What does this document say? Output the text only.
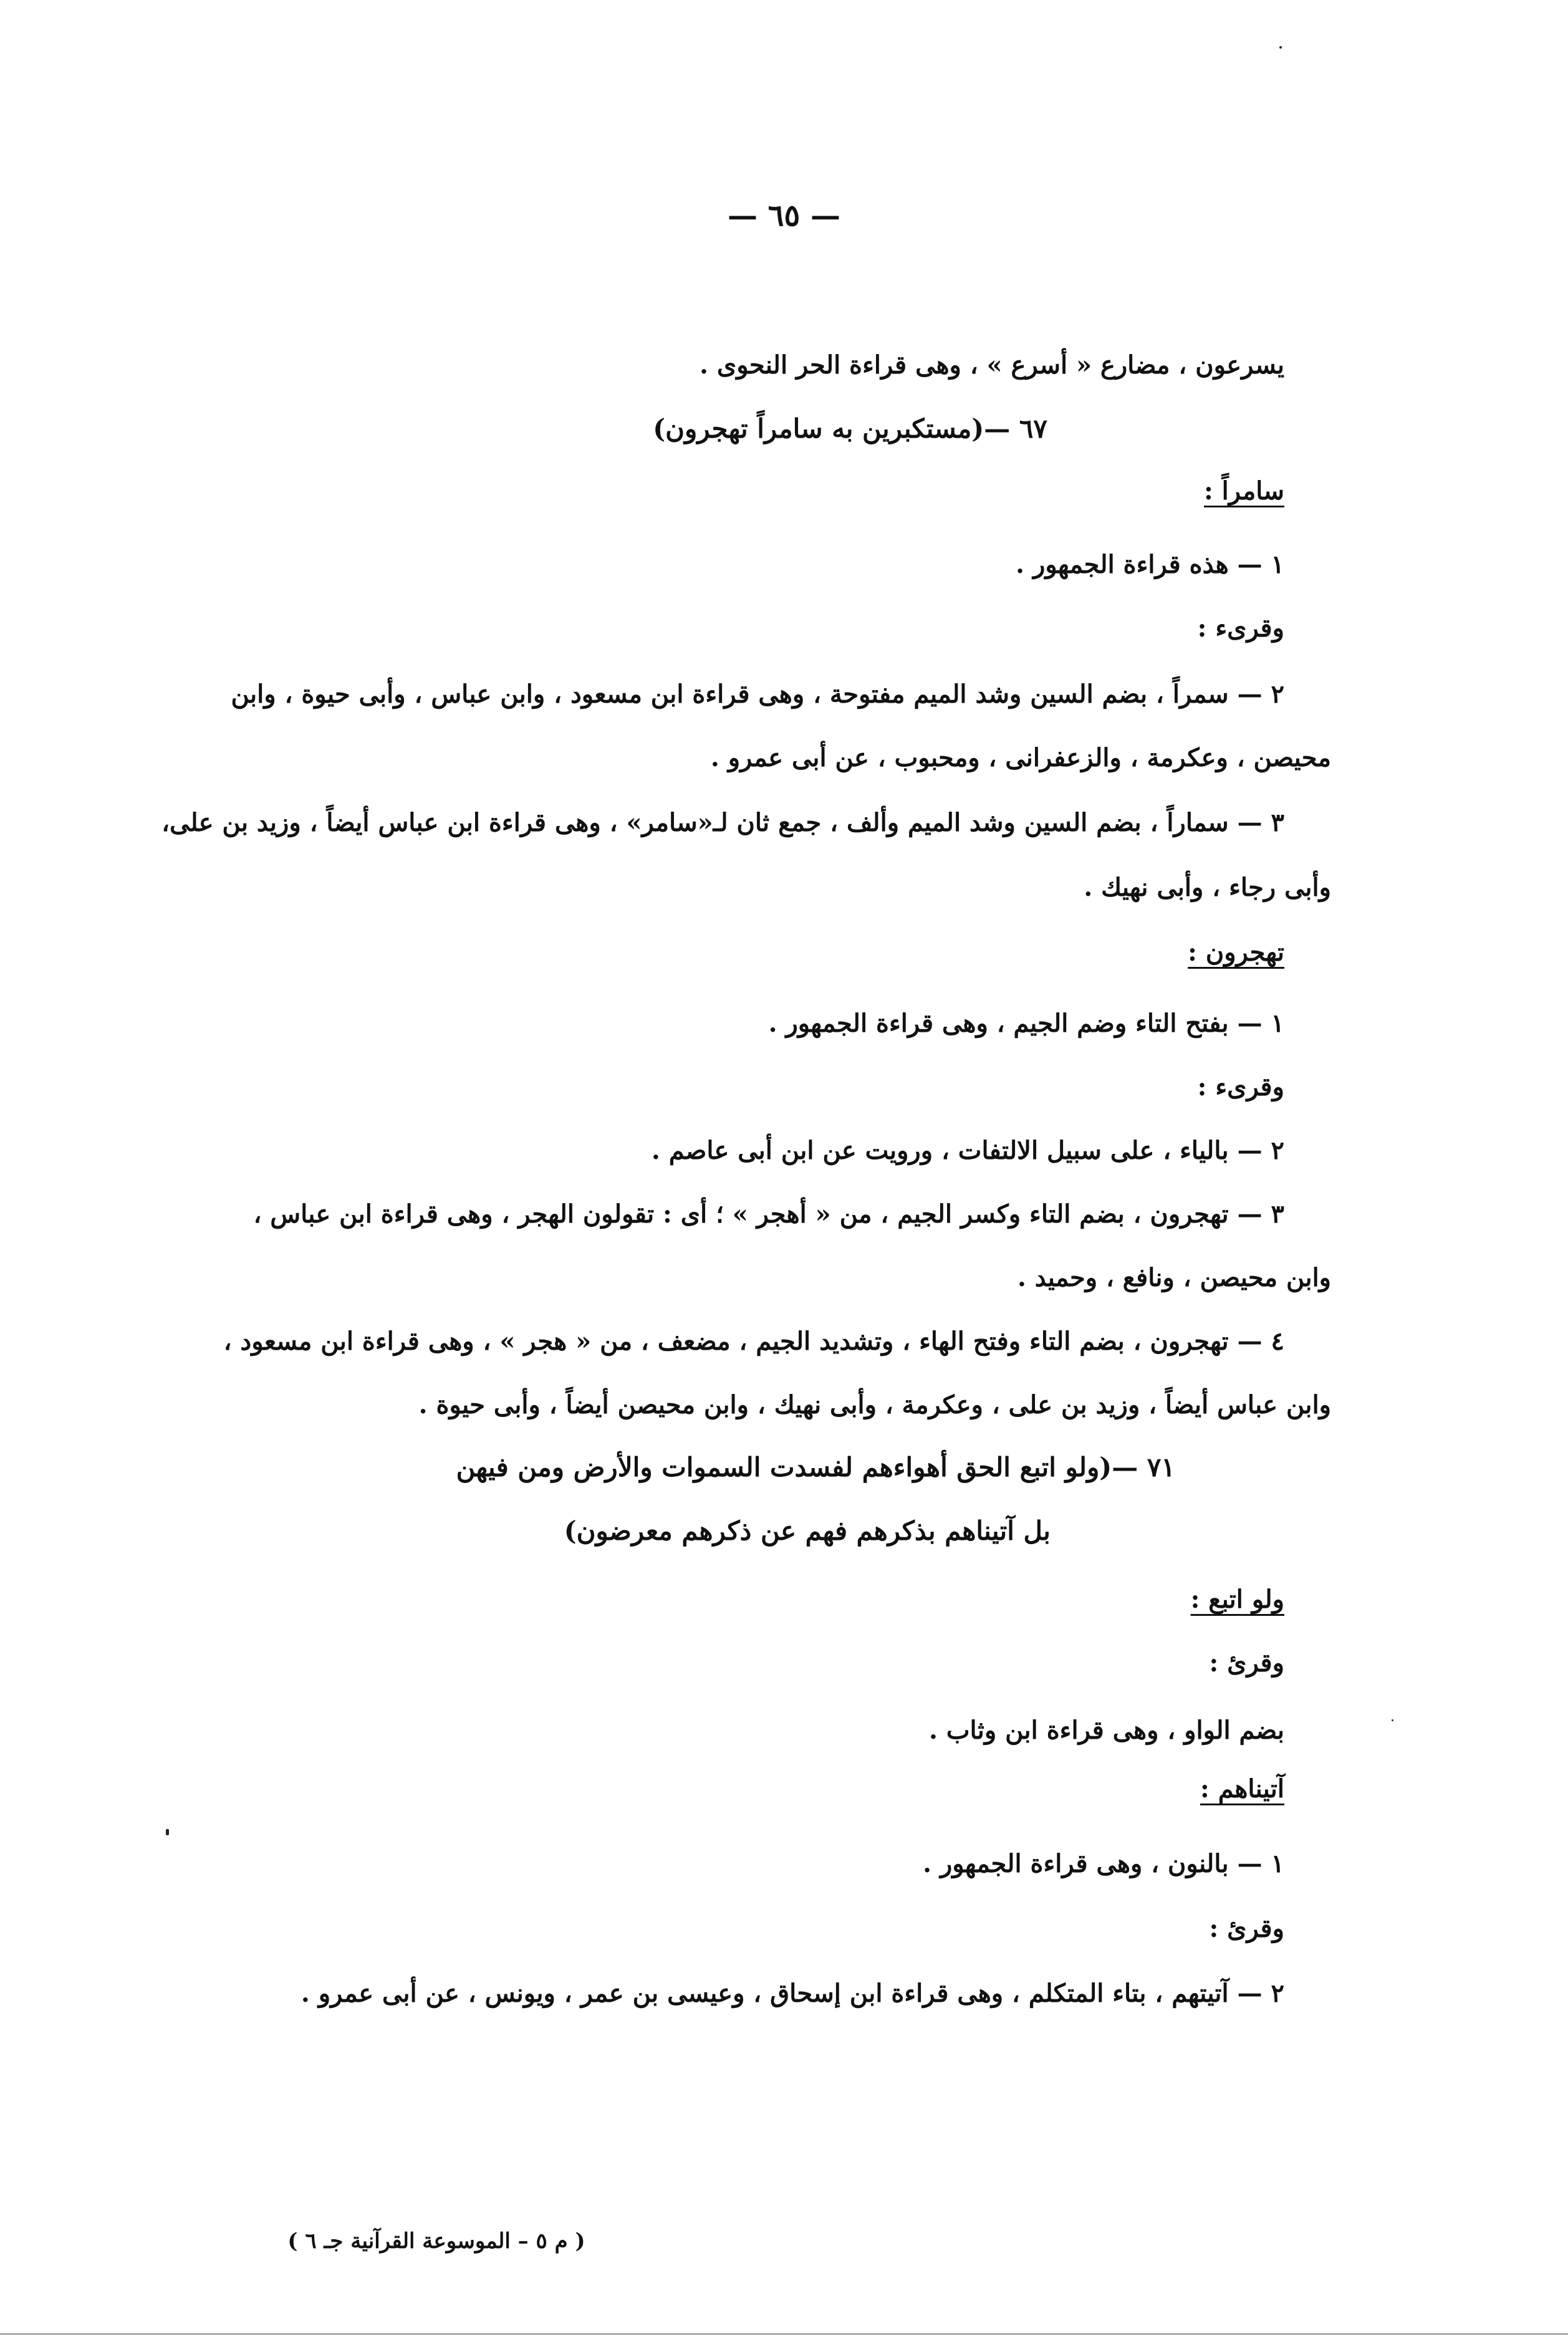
— ٦٥ —
يسرعون ، مضارع « أسرع » ، وهى قراءة الحر النحوى .
٦٧ —(مستكبرين به سامراً تهجرون)
سامراً :
١ — هذه قراءة الجمهور .
وقرىء :
٢ — سمراً ، بضم السين وشد الميم مفتوحة ، وهى قراءة ابن مسعود ، وابن عباس ، وأبى حيوة ، وابن
محيصن ، وعكرمة ، والزعفرانى ، ومحبوب ، عن أبى عمرو .
٣ — سماراً ، بضم السين وشد الميم وألف ، جمع ثان لـ«سامر» ، وهى قراءة ابن عباس أيضاً ، وزيد بن على،
وأبى رجاء ، وأبى نهيك .
تهجرون :
١ — بفتح التاء وضم الجيم ، وهى قراءة الجمهور .
وقرىء :
٢ — بالياء ، على سبيل الالتفات ، ورويت عن ابن أبى عاصم .
٣ — تهجرون ، بضم التاء وكسر الجيم ، من « أهجر » ؛ أى : تقولون الهجر ، وهى قراءة ابن عباس ،
وابن محيصن ، ونافع ، وحميد .
٤ — تهجرون ، بضم التاء وفتح الهاء ، وتشديد الجيم ، مضعف ، من « هجر » ، وهى قراءة ابن مسعود ،
وابن عباس أيضاً ، وزيد بن على ، وعكرمة ، وأبى نهيك ، وابن محيصن أيضاً ، وأبى حيوة .
٧١ —(ولو اتبع الحق أهواءهم لفسدت السموات والأرض ومن فيهن
بل آتيناهم بذكرهم فهم عن ذكرهم معرضون)
ولو اتبع :
وقرئ :
بضم الواو ، وهى قراءة ابن وثاب .
آتيناهم :
١ — بالنون ، وهى قراءة الجمهور .
وقرئ :
٢ — آتيتهم ، بتاء المتكلم ، وهى قراءة ابن إسحاق ، وعيسى بن عمر ، ويونس ، عن أبى عمرو .
( م ٥ – الموسوعة القرآنية جـ ٦ )
